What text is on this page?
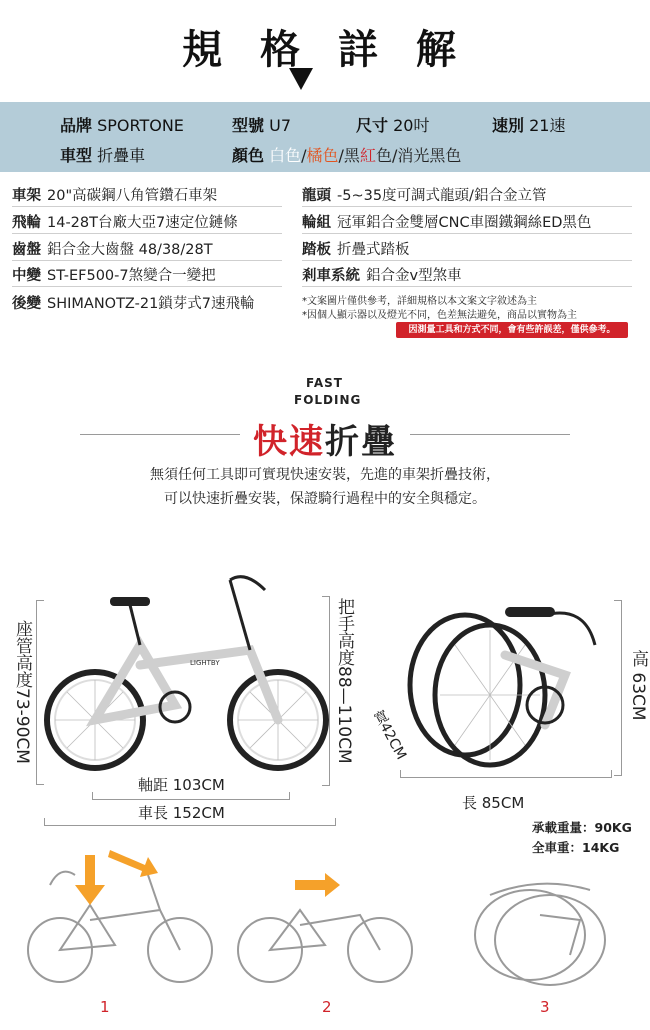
規 格 詳 解
品牌 SPORTONE	型號 U7	尺寸 20吋	速別 21速
車型 折疊車	顏色 白色/橘色/黑紅色/消光黑色
車架 20"高碳鋼八角管鑽石車架
飛輪 14-28T台廠大亞7速定位鏈條
齒盤 鋁合金大齒盤 48/38/28T
中變 ST-EF500-7煞變合一變把
後變 SHIMANOTZ-21鎖芽式7速飛輪
龍頭 -5~35度可調式龍頭/鋁合金立管
輪組 冠軍鋁合金雙層CNC車圈鐵鋼絲ED黑色
踏板 折疊式踏板
剎車系統 鋁合金v型煞車
*文案圖片僅供參考，詳細規格以本文案文字敘述為主
*因個人顯示器以及燈光不同，色差無法避免，商品以實物為主
因測量工具和方式不同，會有些許誤差，僅供參考。
FAST
FOLDING
快速折疊
無須任何工具即可實現快速安裝，先進的車架折疊技術，
可以快速折疊安裝，保證騎行過程中的安全與穩定。
座管高度73-90CM	把手高度88—110CM
軸距 103CM
車長 152CM
寬42CM
高 63CM
長 85CM
承載重量：90KG
全車重：14KG
LIGHTBY
1	2	3
